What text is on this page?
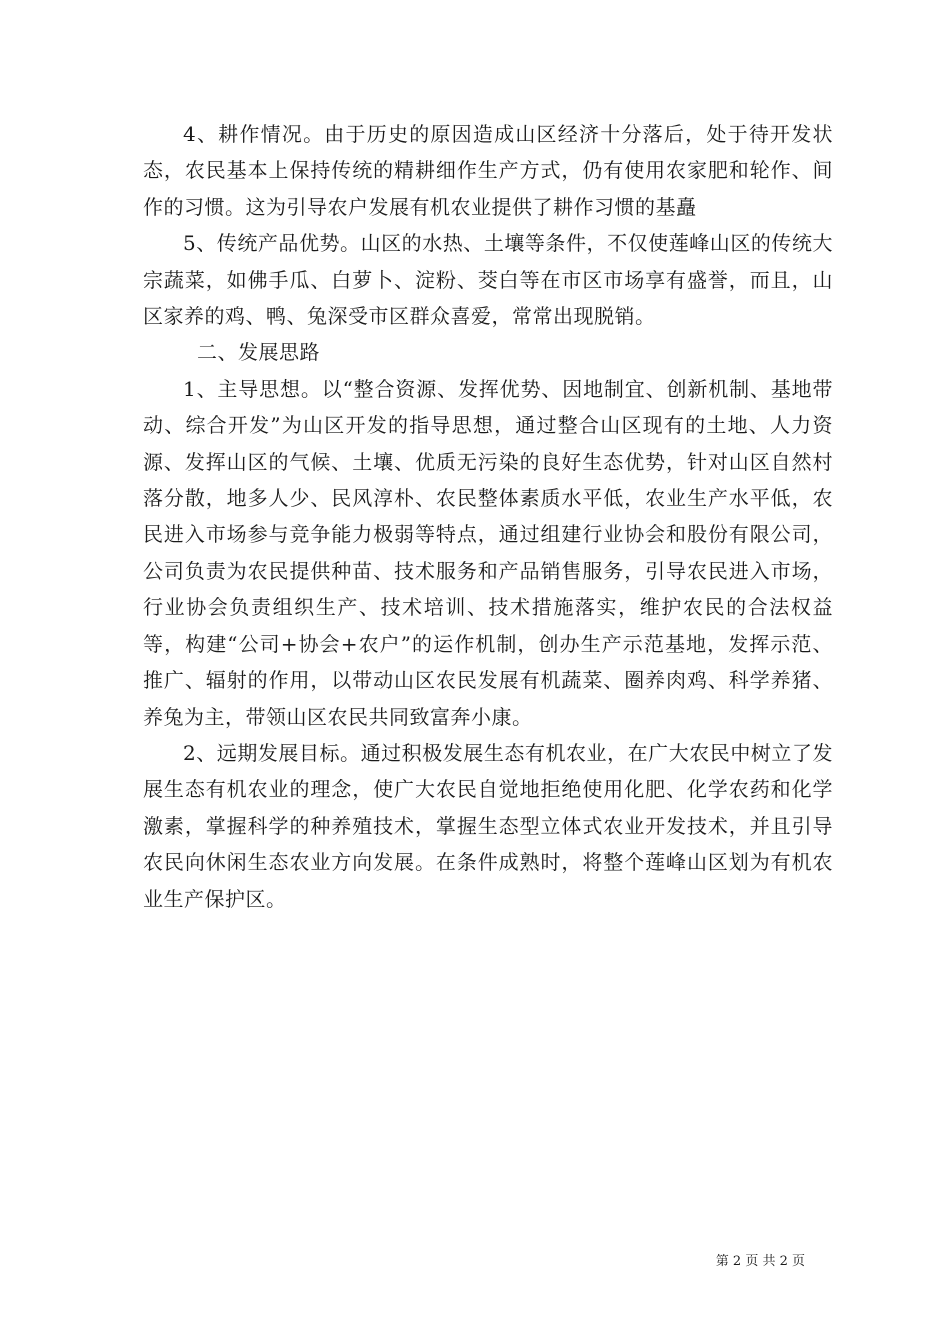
4、耕作情况。由于历史的原因造成山区经济十分落后，处于待开发状态，农民基本上保持传统的精耕细作生产方式，仍有使用农家肥和轮作、间作的习惯。这为引导农户发展有机农业提供了耕作习惯的基矗

5、传统产品优势。山区的水热、土壤等条件，不仅使莲峰山区的传统大宗蔬菜，如佛手瓜、白萝卜、淀粉、茭白等在市区市场享有盛誉，而且，山区家养的鸡、鸭、兔深受市区群众喜爱，常常出现脱销。

二、发展思路

1、主导思想。以“整合资源、发挥优势、因地制宜、创新机制、基地带动、综合开发”为山区开发的指导思想，通过整合山区现有的土地、人力资源、发挥山区的气候、土壤、优质无污染的良好生态优势，针对山区自然村落分散，地多人少、民风淳朴、农民整体素质水平低，农业生产水平低，农民进入市场参与竞争能力极弱等特点，通过组建行业协会和股份有限公司，公司负责为农民提供种苗、技术服务和产品销售服务，引导农民进入市场，行业协会负责组织生产、技术培训、技术措施落实，维护农民的合法权益等，构建“公司+协会+农户”的运作机制，创办生产示范基地，发挥示范、推广、辐射的作用，以带动山区农民发展有机蔬菜、圈养肉鸡、科学养猪、养兔为主，带领山区农民共同致富奔小康。

2、远期发展目标。通过积极发展生态有机农业，在广大农民中树立了发展生态有机农业的理念，使广大农民自觉地拒绝使用化肥、化学农药和化学激素，掌握科学的种养殖技术，掌握生态型立体式农业开发技术，并且引导农民向休闲生态农业方向发展。在条件成熟时，将整个莲峰山区划为有机农业生产保护区。

第 2 页 共 2 页
